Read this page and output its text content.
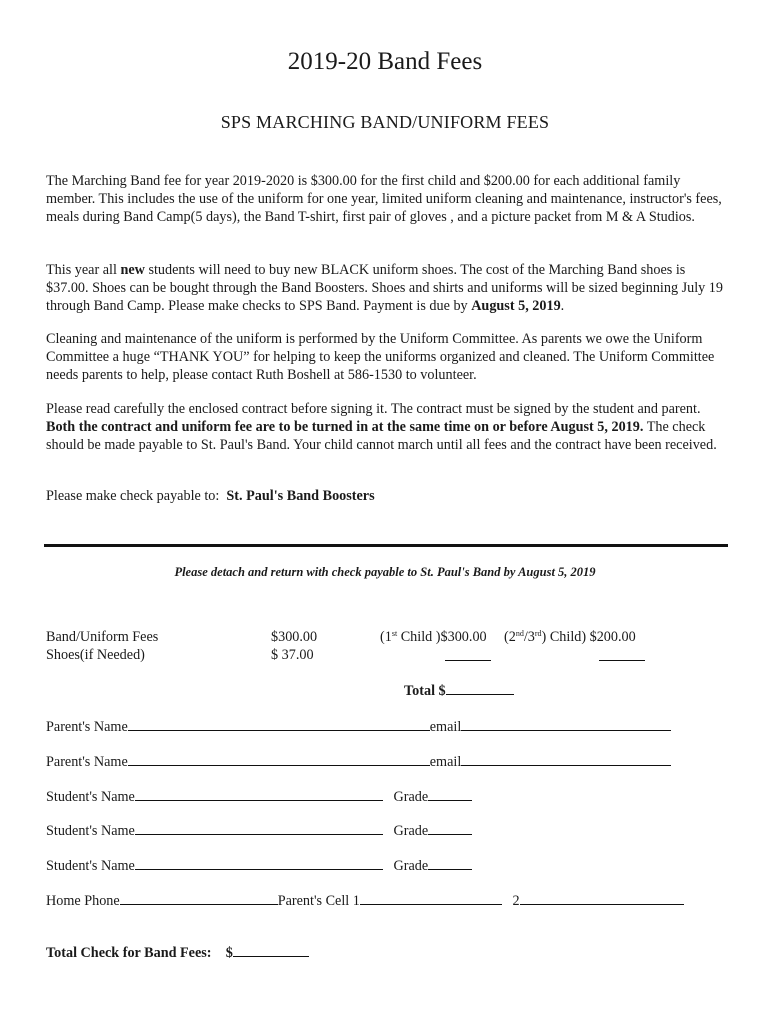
2019-20 Band Fees
SPS MARCHING BAND/UNIFORM FEES
The Marching Band fee for year 2019-2020 is $300.00 for the first child and $200.00 for each additional family member. This includes the use of the uniform for one year, limited uniform cleaning and maintenance, instructor's fees, meals during Band Camp(5 days), the Band T-shirt, first pair of gloves , and a picture packet from M & A Studios.
This year all new students will need to buy new BLACK uniform shoes. The cost of the Marching Band shoes is $37.00. Shoes can be bought through the Band Boosters. Shoes and shirts and uniforms will be sized beginning July 19 through Band Camp. Please make checks to SPS Band. Payment is due by August 5, 2019.
Cleaning and maintenance of the uniform is performed by the Uniform Committee. As parents we owe the Uniform Committee a huge “THANK YOU” for helping to keep the uniforms organized and cleaned. The Uniform Committee needs parents to help, please contact Ruth Boshell at 586-1530 to volunteer.
Please read carefully the enclosed contract before signing it. The contract must be signed by the student and parent. Both the contract and uniform fee are to be turned in at the same time on or before August 5, 2019. The check should be made payable to St. Paul's Band. Your child cannot march until all fees and the contract have been received.
Please make check payable to: St. Paul's Band Boosters
Please detach and return with check payable to St. Paul's Band by August 5, 2019
Band/Uniform Fees	$300.00	(1st Child )$300.00 (2nd/3rd) Child) $200.00
Shoes(if Needed)	$ 37.00
Total $
Parent's Name	email
Parent's Name	email
Student's Name	Grade
Student's Name	Grade
Student's Name	Grade
Home Phone	Parent's Cell 1	2
Total Check for Band Fees: $
